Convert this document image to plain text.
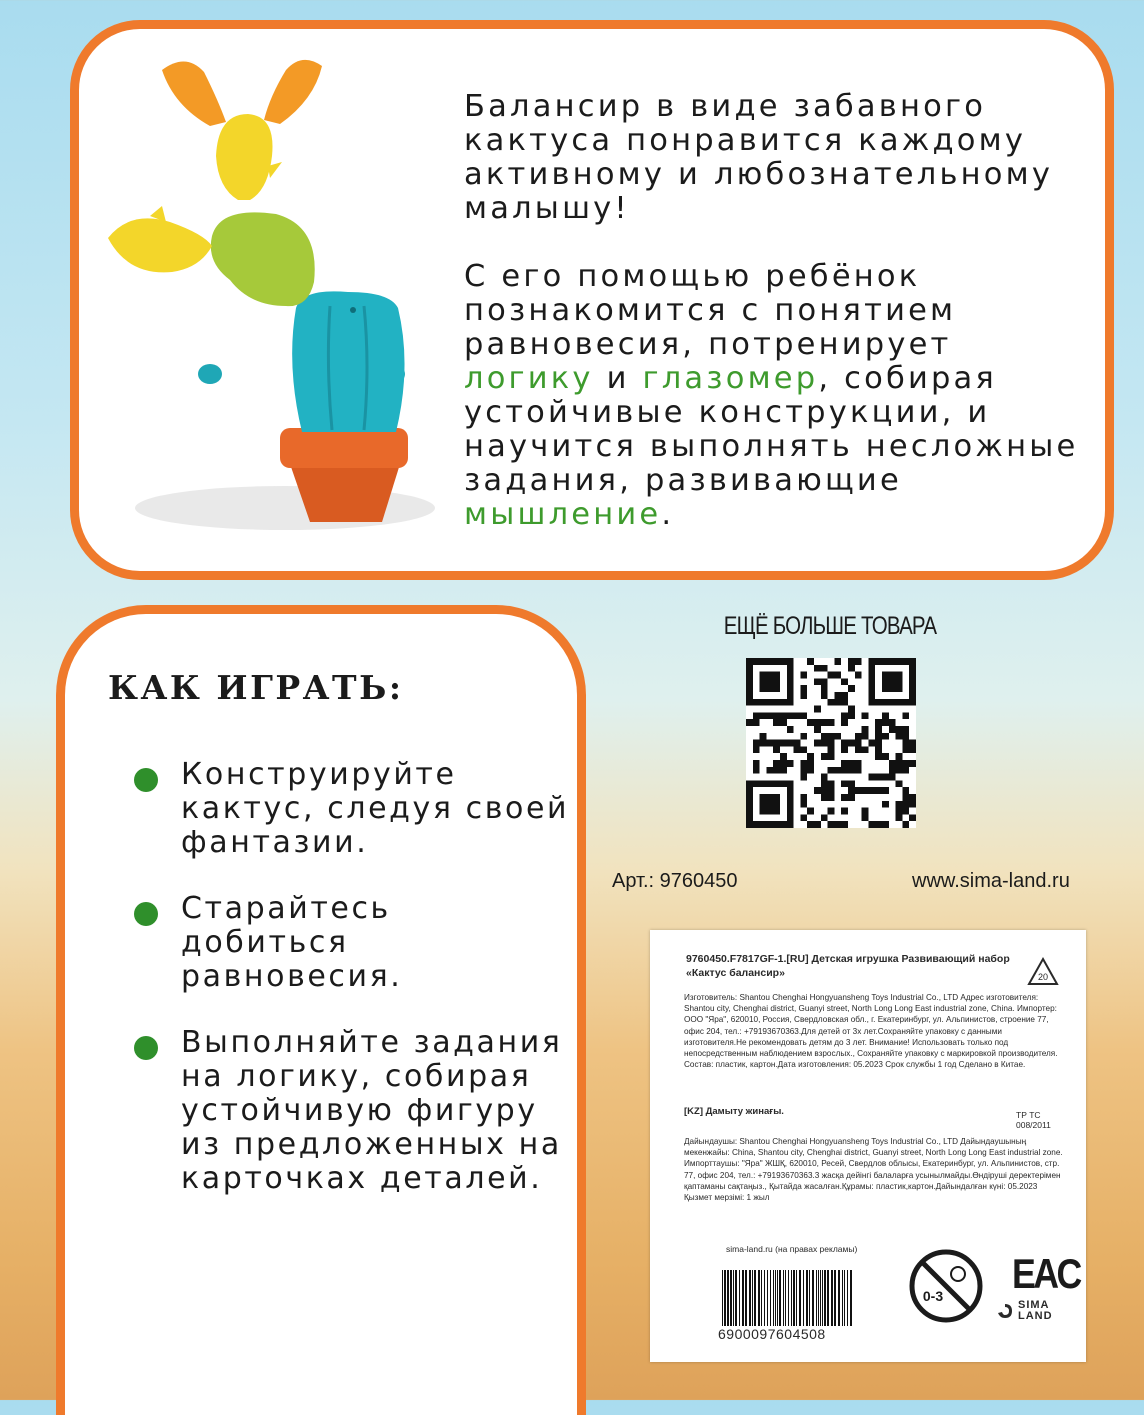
Балансир в виде забавного кактуса понравится каждому активному и любознательному малышу!

С его помощью ребёнок познакомится с понятием равновесия, потренирует логику и глазомер, собирая устойчивые конструкции, и научится выполнять несложные задания, развивающие мышление.

КАК ИГРАТЬ:
Конструируйте кактус, следуя своей фантазии.
Старайтесь добиться равновесия.
Выполняйте задания на логику, собирая устойчивую фигуру из предложенных на карточках деталей.
ЕЩЁ БОЛЬШЕ ТОВАРА
Арт.: 9760450	www.sima-land.ru

9760450.F7817GF-1.[RU] Детская игрушка Развивающий набор «Кактус балансир»	20

Изготовитель: Shantou Chenghai Hongyuansheng Toys Industrial Co., LTD Адрес изготовителя: Shantou city, Chenghai district, Guanyi street, North Long Long East industrial zone, China. Импортер: ООО "Яра", 620010, Россия, Свердловская обл., г. Екатеринбург, ул. Альпинистов, строение 77, офис 204, тел.: +79193670363.Для детей от 3х лет.Сохраняйте упаковку с данными изготовителя.Не рекомендовать детям до 3 лет. Внимание! Использовать только под непосредственным наблюдением взрослых., Сохраняйте упаковку с маркировкой производителя. Состав: пластик, картон.Дата изготовления: 05.2023 Срок службы 1 год Сделано в Китае.

[KZ] Дамыту жинағы.	ТР ТС 008/2011

Дайындаушы: Shantou Chenghai Hongyuansheng Toys Industrial Co., LTD Дайындаушының мекенжайы: China, Shantou city, Chenghai district, Guanyi street, North Long Long East industrial zone. Импорттаушы: "Ярa" ЖШҚ, 620010, Ресей, Свердлов облысы, Екатеринбург, ул. Альпинистов, стр. 77, офис 204, тел.: +79193670363.3 жасқа дейінгі балаларға усынылмайды.Өндіруші деректерімен қаптаманы сақтаңыз., Қытайда жасалған.Құрамы: пластик,картон.Дайындалған күні: 05.2023 Қызмет мерзімі: 1 жыл

sima-land.ru (на правах рекламы)

6900097604508

0-3 EAC

SIMA
LAND
